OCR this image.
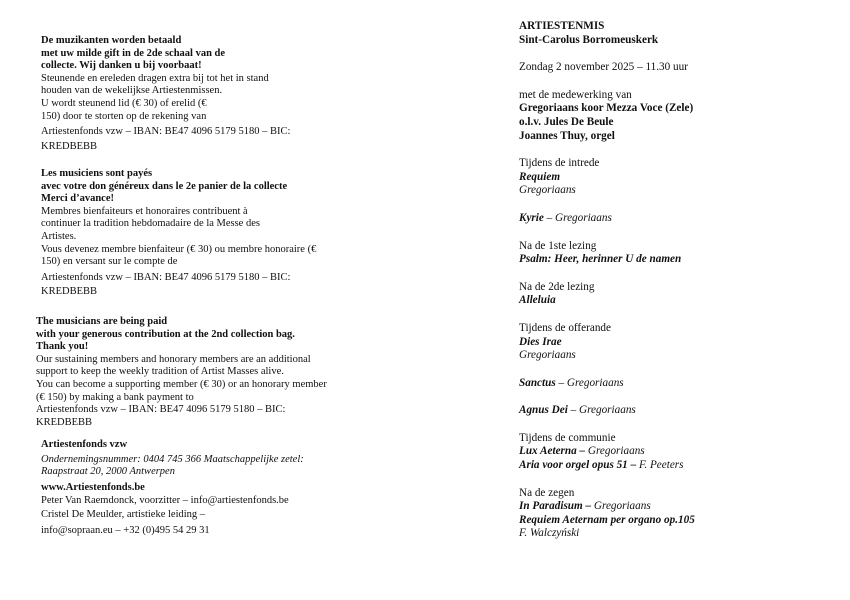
De muzikanten worden betaald
met uw milde gift in de 2de schaal van de
collecte. Wij danken u bij voorbaat!
Steunende en ereleden dragen extra bij tot het in stand
houden van de wekelijkse Artiestenmissen.
U wordt steunend lid (€ 30) of erelid (€
150) door te storten op de rekening van
Artiestenfonds vzw – IBAN: BE47 4096 5179 5180 – BIC:
KREDBEBB
Les musiciens sont payés
avec votre don généreux dans le 2e panier de la collecte
Merci d’avance!
Membres bienfaiteurs et honoraires contribuent à
continuer la tradition hebdomadaire de la Messe des
Artistes.
Vous devenez membre bienfaiteur (€ 30) ou membre honoraire (€
150) en versant sur le compte de
Artiestenfonds vzw – IBAN: BE47 4096 5179 5180 – BIC:
KREDBEBB
The musicians are being paid
with your generous contribution at the 2nd collection bag.
Thank you!
Our sustaining members and honorary members are an additional
support to keep the weekly tradition of Artist Masses alive.
You can become a supporting member (€ 30) or an honorary member
(€ 150) by making a bank payment to
Artiestenfonds vzw – IBAN: BE47 4096 5179 5180 – BIC:
KREDBEBB
Artiestenfonds vzw
Ondernemingsnummer: 0404 745 366 Maatschappelijke zetel:
Raapstraat 20, 2000 Antwerpen
www.Artiestenfonds.be
Peter Van Raemdonck, voorzitter – info@artiestenfonds.be
Cristel De Meulder, artistieke leiding –
info@sopraan.eu – +32 (0)495 54 29 31
ARTIESTENMIS
Sint-Carolus Borromeuskerk
Zondag 2 november 2025 – 11.30 uur
met de medewerking van
Gregoriaans koor Mezza Voce (Zele)
o.l.v. Jules De Beule
Joannes Thuy, orgel
Tijdens de intrede
Requiem
Gregoriaans
Kyrie – Gregoriaans
Na de 1ste lezing
Psalm: Heer, herinner U de namen
Na de 2de lezing
Alleluia
Tijdens de offerande
Dies Irae
Gregoriaans
Sanctus – Gregoriaans
Agnus Dei – Gregoriaans
Tijdens de communie
Lux Aeterna – Gregoriaans
Aria voor orgel opus 51 – F. Peeters
Na de zegen
In Paradisum – Gregoriaans
Requiem Aeternam per organo op.105
F. Walczyński
